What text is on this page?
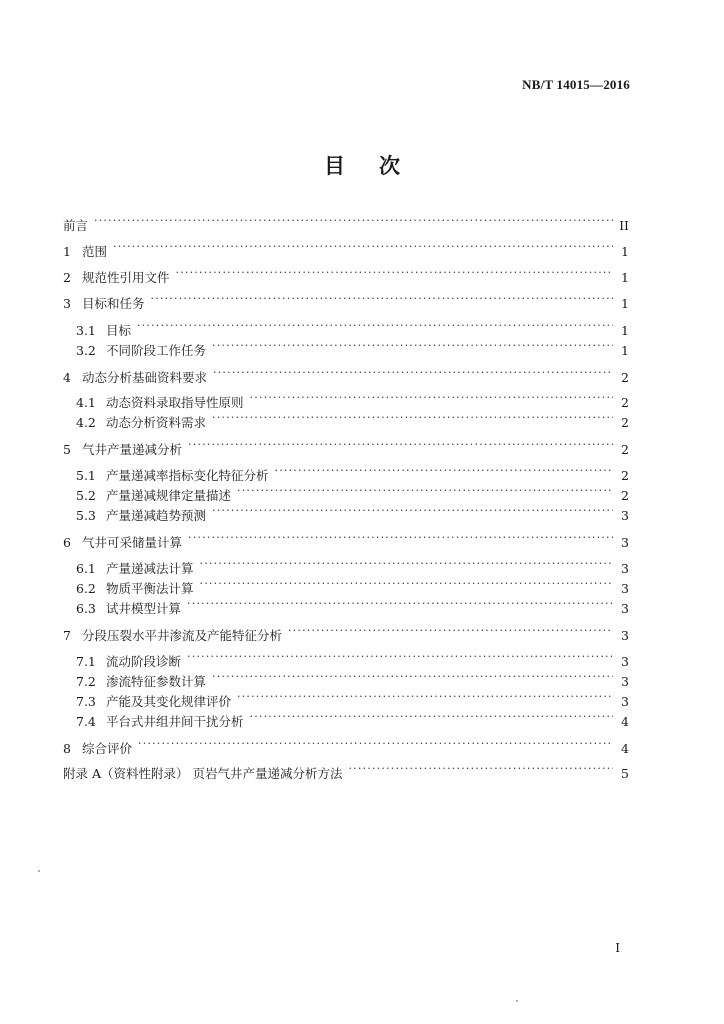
NB/T 14015—2016
目 次
前言 ·····	II
1 范围 ·····	1
2 规范性引用文件 ·····	1
3 目标和任务 ·····	1
3.1 目标 ·····	1
3.2 不同阶段工作任务 ·····	1
4 动态分析基础资料要求 ·····	2
4.1 动态资料录取指导性原则 ·····	2
4.2 动态分析资料需求 ·····	2
5 气井产量递减分析 ·····	2
5.1 产量递减率指标变化特征分析 ·····	2
5.2 产量递减规律定量描述 ·····	2
5.3 产量递减趋势预测 ·····	3
6 气井可采储量计算 ·····	3
6.1 产量递减法计算 ·····	3
6.2 物质平衡法计算 ·····	3
6.3 试井模型计算 ·····	3
7 分段压裂水平井渗流及产能特征分析 ·····	3
7.1 流动阶段诊断 ·····	3
7.2 渗流特征参数计算 ·····	3
7.3 产能及其变化规律评价 ·····	3
7.4 平台式井组井间干扰分析 ·····	4
8 综合评价 ·····	4
附录 A（资料性附录） 页岩气井产量递减分析方法 ·····	5
I
